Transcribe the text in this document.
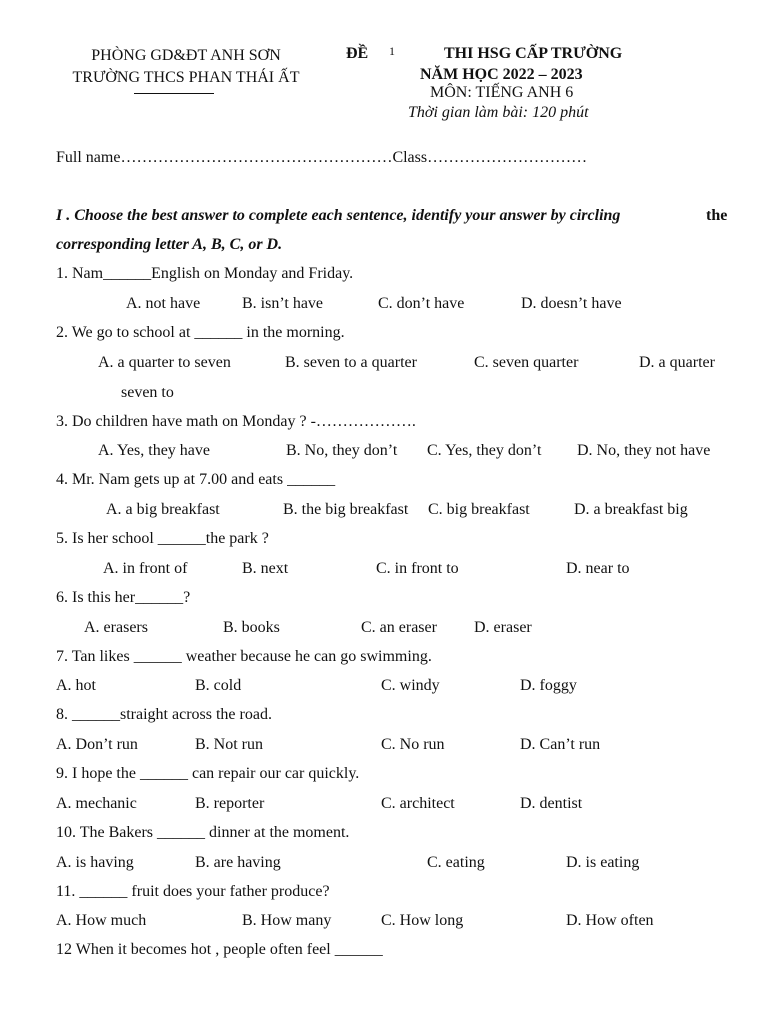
PHÒNG GD&ĐT ANH SƠN
TRƯỜNG THCS PHAN THÁI ẤT
ĐỀ 1	THI HSG CẤP TRƯỜNG
NĂM HỌC 2022 – 2023
MÔN: TIẾNG ANH 6
Thời gian làm bài: 120 phút
Full name……………………………………………Class…………………………
I . Choose the best answer to complete each sentence, identify your answer by circling	the
corresponding letter A, B, C, or D.
1. Nam______English on Monday and Friday.
A. not have	B. isn’t have	C. don’t have	D. doesn’t have
2. We go to school at ______ in the morning.
A. a quarter to seven	B. seven to a quarter	C. seven quarter	D. a quarter
seven to
3. Do children have math on Monday ? -……………….
A. Yes, they have	B. No, they don’t C. Yes, they don’t D. No, they not have
4. Mr. Nam gets up at 7.00 and eats ______
A. a big breakfast	B. the big breakfast C. big breakfast	D. a breakfast big
5. Is her school ______the park ?
A. in front of	B. next	C. in front to	D. near to
6. Is this her______?
A. erasers	B. books	C. an eraser D. eraser
7. Tan likes ______ weather because he can go swimming.
A. hot	B. cold	C. windy	D. foggy
8. ______straight across the road.
A. Don’t run	B. Not run	C. No run	D. Can’t run
9. I hope the ______ can repair our car quickly.
A. mechanic	B. reporter	C. architect	D. dentist
10. The Bakers ______ dinner at the moment.
A. is having	B. are having	C. eating	D. is eating
11. ______ fruit does your father produce?
A. How much	B. How many	C. How long	D. How often
12 When it becomes hot , people often feel ______
